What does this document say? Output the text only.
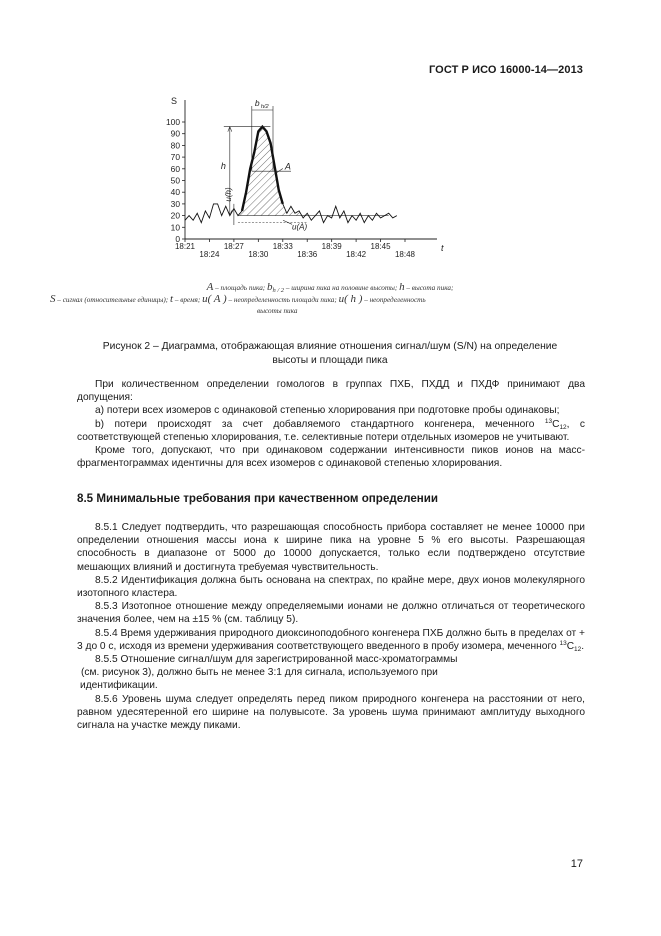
ГОСТ Р ИСО 16000-14—2013
S
t
0
10
20
30
40
50
60
70
80
90
100
18:21
18:24
18:27
18:30
18:33
18:36
18:39
18:42
18:45
18:48
h
u(h)
b h/2
A
u(A)
A – площадь пика; $b_{h / 2}$ – ширина пика на половине высоты; h – высота пика;
S – сигнал (относительные единицы); t – время; u( A ) – неопределенность площади пика; u( h ) – неопределенность
высоты пика
Рисунок 2 – Диаграмма, отображающая влияние отношения сигнал/шум (S/N) на определение высоты и площади пика

При количественном определении гомологов в группах ПХБ, ПХДД и ПХДФ принимают два допущения:

а) потери всех изомеров с одинаковой степенью хлорирования при подготовке пробы одинаковы;

b) потери происходят за счет добавляемого стандартного конгенера, меченного $^{13}C_{12}$, с соответствующей степенью хлорирования, т.е. селективные потери отдельных изомеров не учитывают.

Кроме того, допускают, что при одинаковом содержании интенсивности пиков ионов на масс-фрагментограммах идентичны для всех изомеров с одинаковой степенью хлорирования.

8.5 Минимальные требования при качественном определении

8.5.1 Следует подтвердить, что разрешающая способность прибора составляет не менее 10000 при определении отношения массы иона к ширине пика на уровне 5 % его высоты. Разрешающая способность в диапазоне от 5000 до 10000 допускается, только если подтверждено отсутствие мешающих влияний и достигнута требуемая чувствительность.

8.5.2 Идентификация должна быть основана на спектрах, по крайне мере, двух ионов молекулярного изотопного кластера.

8.5.3 Изотопное отношение между определяемыми ионами не должно отличаться от теоретического значения более, чем на ±15 % (см. таблицу 5).

8.5.4 Время удерживания природного диоксиноподобного конгенера ПХБ должно быть в пределах от + 3 до 0 с, исходя из времени удерживания соответствующего введенного в пробу изомера, меченного $^{13}С_{12}$.

8.5.5 Отношение сигнал/шум для зарегистрированной масс-хроматограммы

(см. рисунок 3), должно быть не менее 3:1 для сигнала, используемого при

идентификации.

8.5.6 Уровень шума следует определять перед пиком природного конгенера на расстоянии от него, равном удесятеренной его ширине на полувысоте. За уровень шума принимают амплитуду выходного сигнала на участке между пиками.

17
